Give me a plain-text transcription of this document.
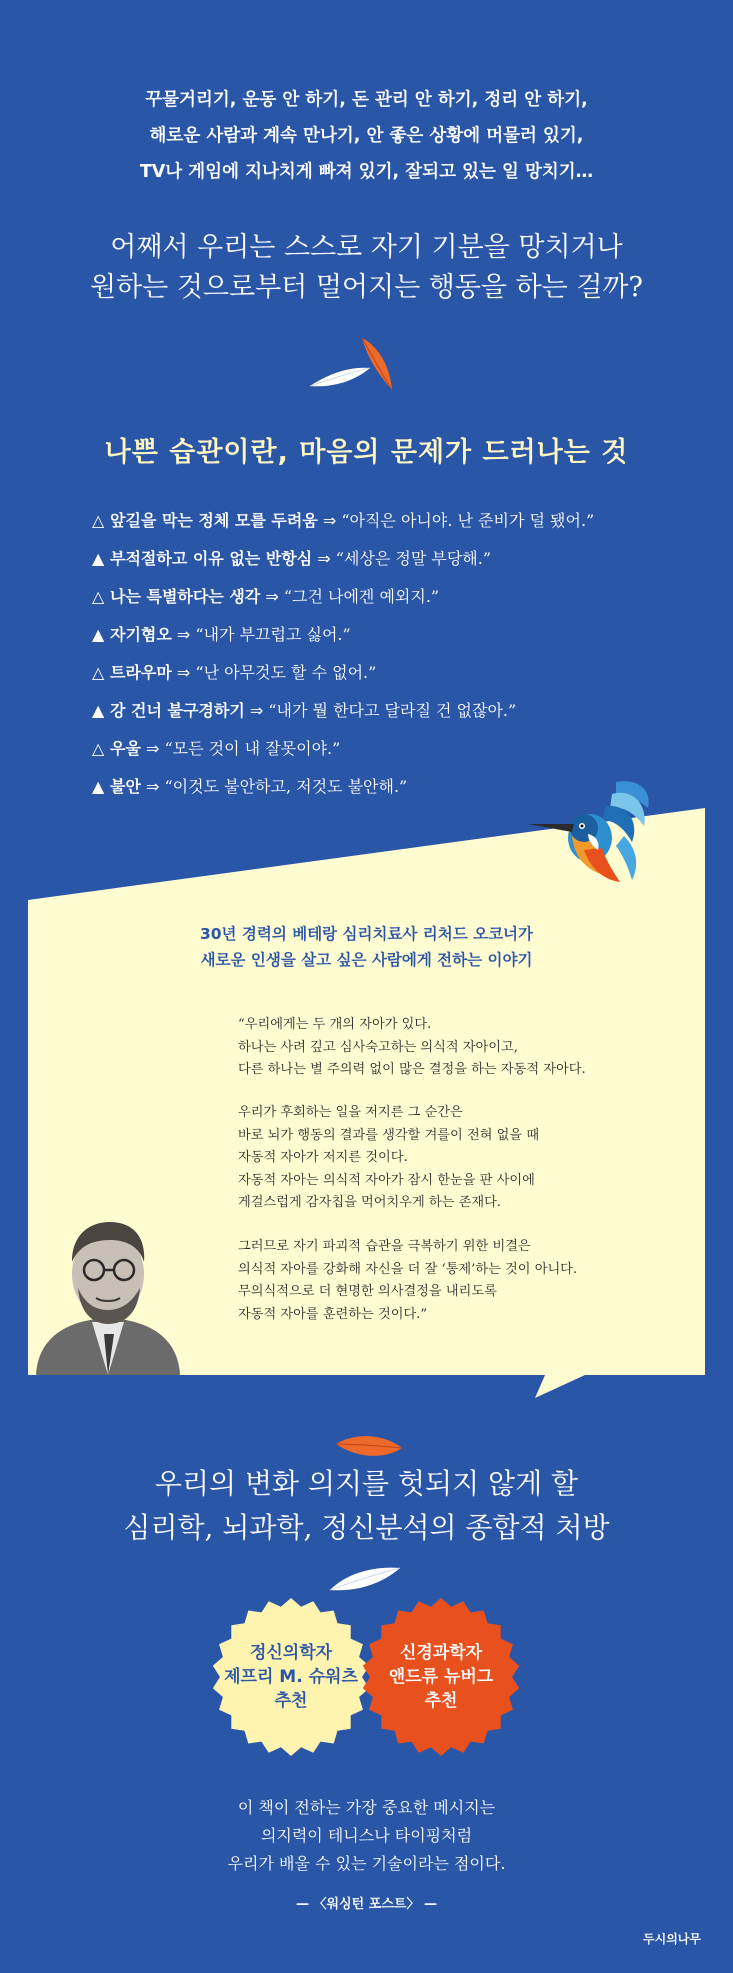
꾸물거리기, 운동 안 하기, 돈 관리 안 하기, 정리 안 하기,
해로운 사람과 계속 만나기, 안 좋은 상황에 머물러 있기,
TV나 게임에 지나치게 빠져 있기, 잘되고 있는 일 망치기…
어째서 우리는 스스로 자기 기분을 망치거나
원하는 것으로부터 멀어지는 행동을 하는 걸까?
나쁜 습관이란, 마음의 문제가 드러나는 것
△ 앞길을 막는 정체 모를 두려움 ⇒ “아직은 아니야. 난 준비가 덜 됐어.”
▲ 부적절하고 이유 없는 반항심 ⇒ “세상은 정말 부당해.”
△ 나는 특별하다는 생각 ⇒ “그건 나에겐 예외지.”
▲ 자기혐오 ⇒ “내가 부끄럽고 싫어.”
△ 트라우마 ⇒ “난 아무것도 할 수 없어.”
▲ 강 건너 불구경하기 ⇒ “내가 뭘 한다고 달라질 건 없잖아.”
△ 우울 ⇒ “모든 것이 내 잘못이야.”
▲ 불안 ⇒ “이것도 불안하고, 저것도 불안해.”
30년 경력의 베테랑 심리치료사 리처드 오코너가
새로운 인생을 살고 싶은 사람에게 전하는 이야기
“우리에게는 두 개의 자아가 있다.
하나는 사려 깊고 심사숙고하는 의식적 자아이고,
다른 하나는 별 주의력 없이 많은 결정을 하는 자동적 자아다.
우리가 후회하는 일을 저지른 그 순간은
바로 뇌가 행동의 결과를 생각할 겨를이 전혀 없을 때
자동적 자아가 저지른 것이다.
자동적 자아는 의식적 자아가 잠시 한눈을 판 사이에
게걸스럽게 감자칩을 먹어치우게 하는 존재다.
그러므로 자기 파괴적 습관을 극복하기 위한 비결은
의식적 자아를 강화해 자신을 더 잘 ‘통제’하는 것이 아니다.
무의식적으로 더 현명한 의사결정을 내리도록
자동적 자아를 훈련하는 것이다.”
우리의 변화 의지를 헛되지 않게 할
심리학, 뇌과학, 정신분석의 종합적 처방
정신의학자
제프리 M. 슈워츠
추천
신경과학자
앤드류 뉴버그
추천
이 책이 전하는 가장 중요한 메시지는
의지력이 테니스나 타이핑처럼
우리가 배울 수 있는 기술이라는 점이다.
— 〈워싱턴 포스트〉 —
두시의나무
